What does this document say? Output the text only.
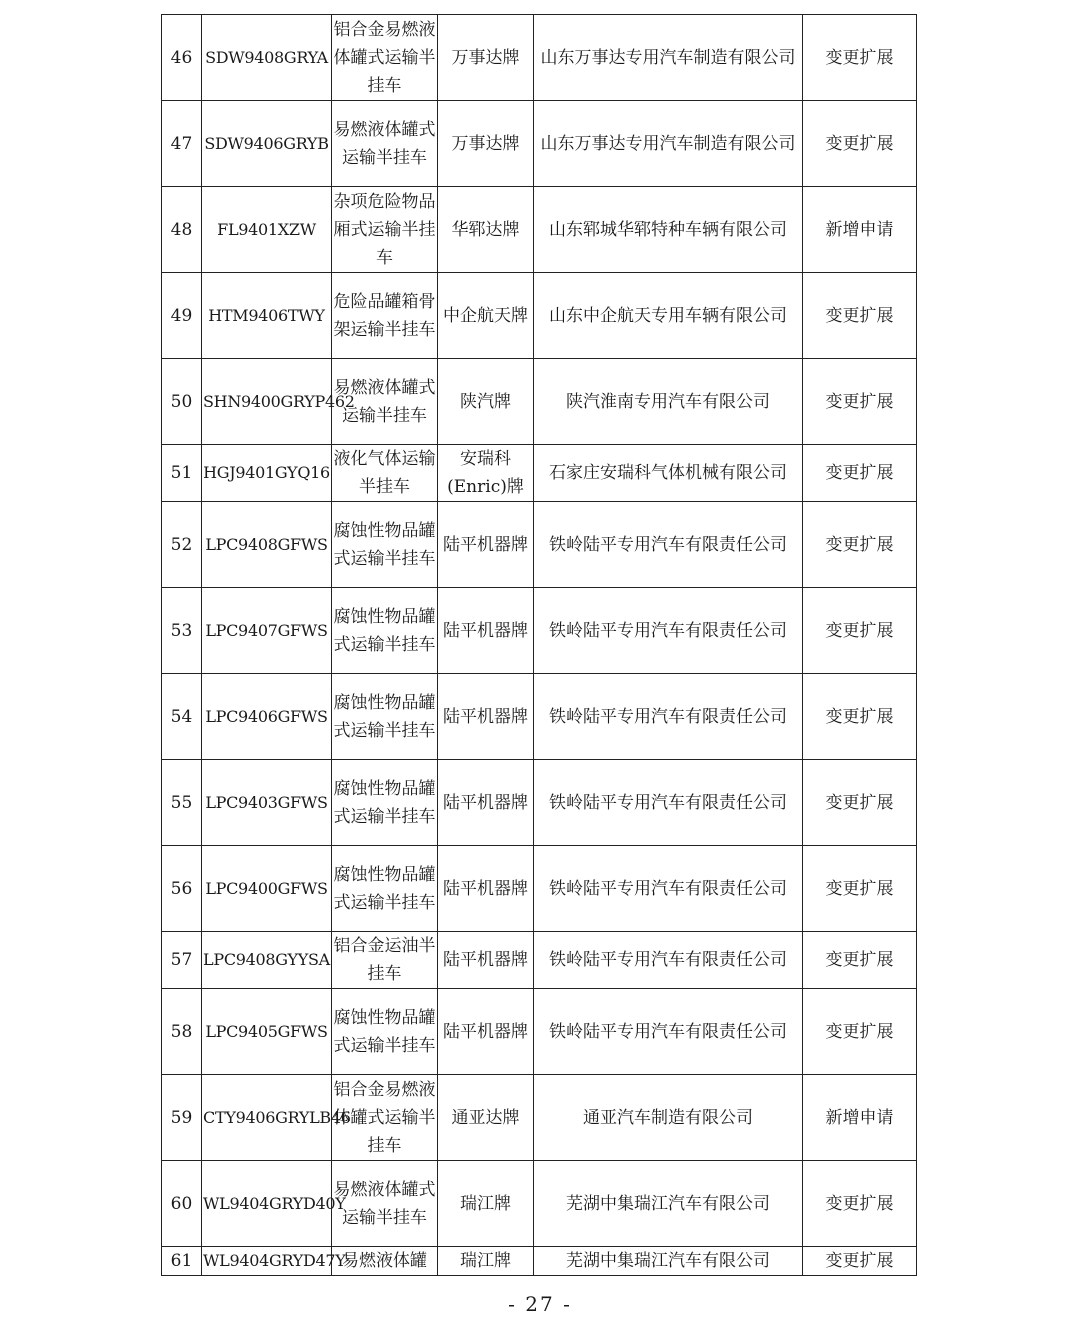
46	SDW9408GRYA	铝合金易燃液体罐式运输半挂车	万事达牌	山东万事达专用汽车制造有限公司	变更扩展
47	SDW9406GRYB	易燃液体罐式运输半挂车	万事达牌	山东万事达专用汽车制造有限公司	变更扩展
48	FL9401XZW	杂项危险物品厢式运输半挂车	华郓达牌	山东郓城华郓特种车辆有限公司	新增申请
49	HTM9406TWY	危险品罐箱骨架运输半挂车	中企航天牌	山东中企航天专用车辆有限公司	变更扩展
50	SHN9400GRYP462	易燃液体罐式运输半挂车	陕汽牌	陕汽淮南专用汽车有限公司	变更扩展
51	HGJ9401GYQ16	液化气体运输半挂车	安瑞科(Enric)牌	石家庄安瑞科气体机械有限公司	变更扩展
52	LPC9408GFWS	腐蚀性物品罐式运输半挂车	陆平机器牌	铁岭陆平专用汽车有限责任公司	变更扩展
53	LPC9407GFWS	腐蚀性物品罐式运输半挂车	陆平机器牌	铁岭陆平专用汽车有限责任公司	变更扩展
54	LPC9406GFWS	腐蚀性物品罐式运输半挂车	陆平机器牌	铁岭陆平专用汽车有限责任公司	变更扩展
55	LPC9403GFWS	腐蚀性物品罐式运输半挂车	陆平机器牌	铁岭陆平专用汽车有限责任公司	变更扩展
56	LPC9400GFWS	腐蚀性物品罐式运输半挂车	陆平机器牌	铁岭陆平专用汽车有限责任公司	变更扩展
57	LPC9408GYYSA	铝合金运油半挂车	陆平机器牌	铁岭陆平专用汽车有限责任公司	变更扩展
58	LPC9405GFWS	腐蚀性物品罐式运输半挂车	陆平机器牌	铁岭陆平专用汽车有限责任公司	变更扩展
59	CTY9406GRYLB46	铝合金易燃液体罐式运输半挂车	通亚达牌	通亚汽车制造有限公司	新增申请
60	WL9404GRYD40Y	易燃液体罐式运输半挂车	瑞江牌	芜湖中集瑞江汽车有限公司	变更扩展
61	WL9404GRYD47Y	易燃液体罐	瑞江牌	芜湖中集瑞江汽车有限公司	变更扩展
- 27 -
